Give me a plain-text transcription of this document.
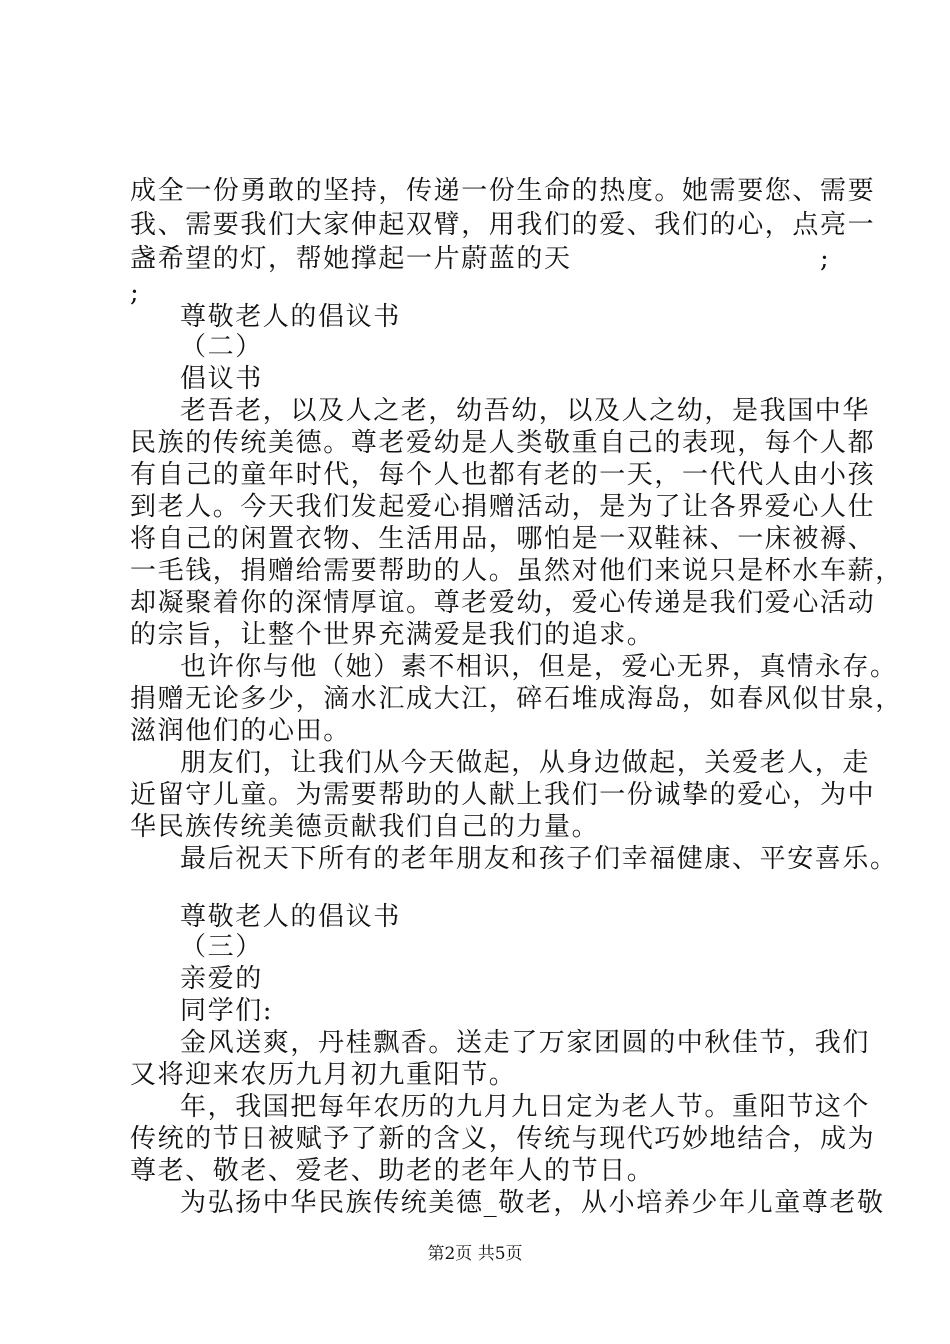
成全一份勇敢的坚持，传递一份生命的热度。她需要您、需要
我、需要我们大家伸起双臂，用我们的爱、我们的心，点亮一
盏希望的灯，帮她撑起一片蔚蓝的天	;
;
尊敬老人的倡议书
（二）
倡议书
老吾老，以及人之老，幼吾幼，以及人之幼，是我国中华
民族的传统美德。尊老爱幼是人类敬重自己的表现，每个人都
有自己的童年时代，每个人也都有老的一天，一代代人由小孩
到老人。今天我们发起爱心捐赠活动，是为了让各界爱心人仕
将自己的闲置衣物、生活用品，哪怕是一双鞋袜、一床被褥、
一毛钱，捐赠给需要帮助的人。虽然对他们来说只是杯水车薪，
却凝聚着你的深情厚谊。尊老爱幼，爱心传递是我们爱心活动
的宗旨，让整个世界充满爱是我们的追求。
也许你与他（她）素不相识，但是，爱心无界，真情永存。
捐赠无论多少，滴水汇成大江，碎石堆成海岛，如春风似甘泉，
滋润他们的心田。
朋友们，让我们从今天做起，从身边做起，关爱老人，走
近留守儿童。为需要帮助的人献上我们一份诚挚的爱心，为中
华民族传统美德贡献我们自己的力量。
最后祝天下所有的老年朋友和孩子们幸福健康、平安喜乐。
尊敬老人的倡议书
（三）
亲爱的
同学们:
金风送爽，丹桂飘香。送走了万家团圆的中秋佳节，我们
又将迎来农历九月初九重阳节。
年，我国把每年农历的九月九日定为老人节。重阳节这个
传统的节日被赋予了新的含义，传统与现代巧妙地结合，成为
尊老、敬老、爱老、助老的老年人的节日。
为弘扬中华民族传统美德_敬老，从小培养少年儿童尊老敬
第2页 共5页
